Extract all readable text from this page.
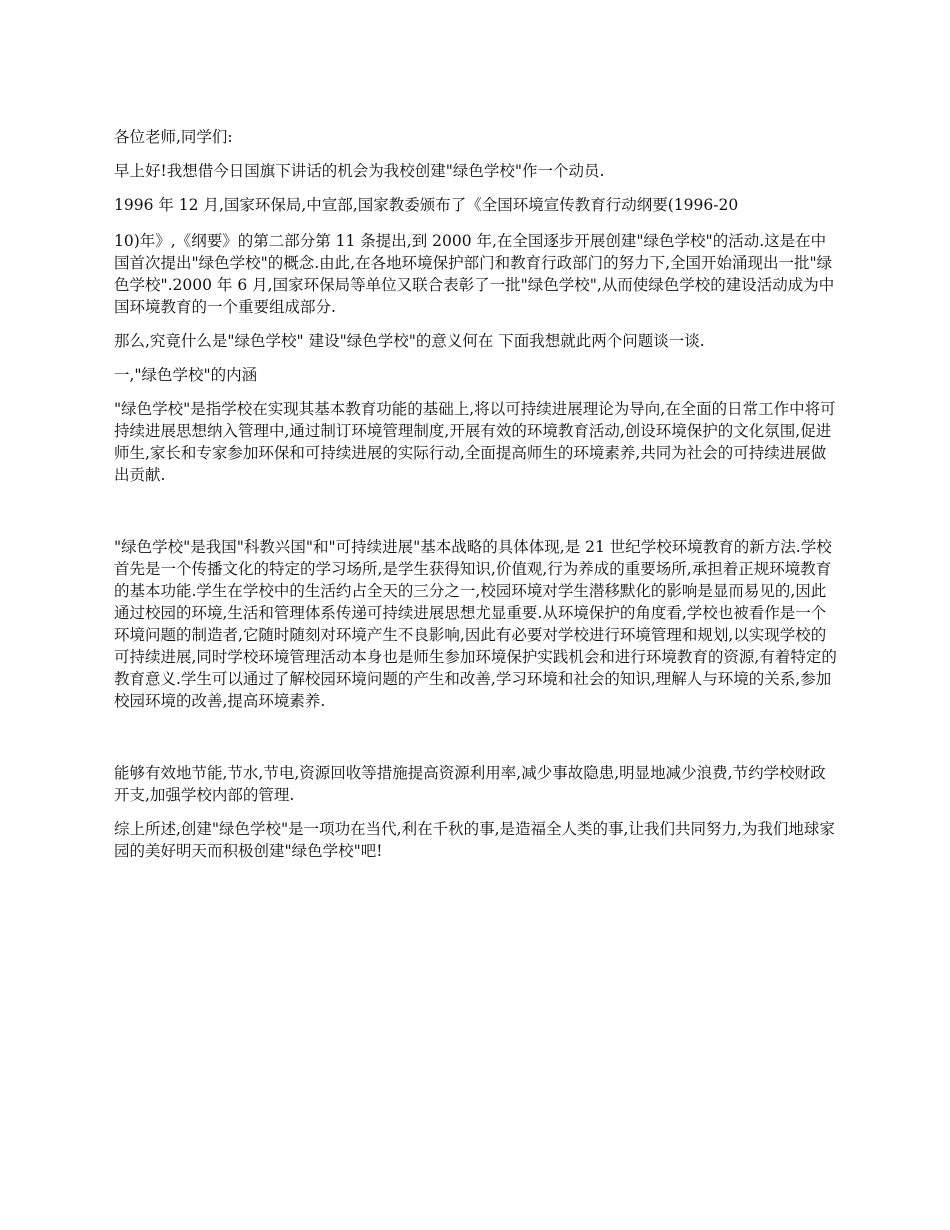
各位老师,同学们:

早上好!我想借今日国旗下讲话的机会为我校创建"绿色学校"作一个动员.

1996 年 12 月,国家环保局,中宣部,国家教委颁布了《全国环境宣传教育行动纲要(1996-20

10)年》,《纲要》的第二部分第 11 条提出,到 2000 年,在全国逐步开展创建"绿色学校"的活动.这是在中国首次提出"绿色学校"的概念.由此,在各地环境保护部门和教育行政部门的努力下,全国开始涌现出一批"绿色学校".2000 年 6 月,国家环保局等单位又联合表彰了一批"绿色学校",从而使绿色学校的建设活动成为中国环境教育的一个重要组成部分.

那么,究竟什么是"绿色学校" 建设"绿色学校"的意义何在 下面我想就此两个问题谈一谈.

一,"绿色学校"的内涵

"绿色学校"是指学校在实现其基本教育功能的基础上,将以可持续进展理论为导向,在全面的日常工作中将可持续进展思想纳入管理中,通过制订环境管理制度,开展有效的环境教育活动,创设环境保护的文化氛围,促进师生,家长和专家参加环保和可持续进展的实际行动,全面提高师生的环境素养,共同为社会的可持续进展做出贡献.

"绿色学校"是我国"科教兴国"和"可持续进展"基本战略的具体体现,是 21 世纪学校环境教育的新方法.学校首先是一个传播文化的特定的学习场所,是学生获得知识,价值观,行为养成的重要场所,承担着正规环境教育的基本功能.学生在学校中的生活约占全天的三分之一,校园环境对学生潜移默化的影响是显而易见的,因此通过校园的环境,生活和管理体系传递可持续进展思想尤显重要.从环境保护的角度看,学校也被看作是一个环境问题的制造者,它随时随刻对环境产生不良影响,因此有必要对学校进行环境管理和规划,以实现学校的可持续进展,同时学校环境管理活动本身也是师生参加环境保护实践机会和进行环境教育的资源,有着特定的教育意义.学生可以通过了解校园环境问题的产生和改善,学习环境和社会的知识,理解人与环境的关系,参加校园环境的改善,提高环境素养.

能够有效地节能,节水,节电,资源回收等措施提高资源利用率,减少事故隐患,明显地减少浪费,节约学校财政开支,加强学校内部的管理.

综上所述,创建"绿色学校"是一项功在当代,利在千秋的事,是造福全人类的事,让我们共同努力,为我们地球家园的美好明天而积极创建"绿色学校"吧!
